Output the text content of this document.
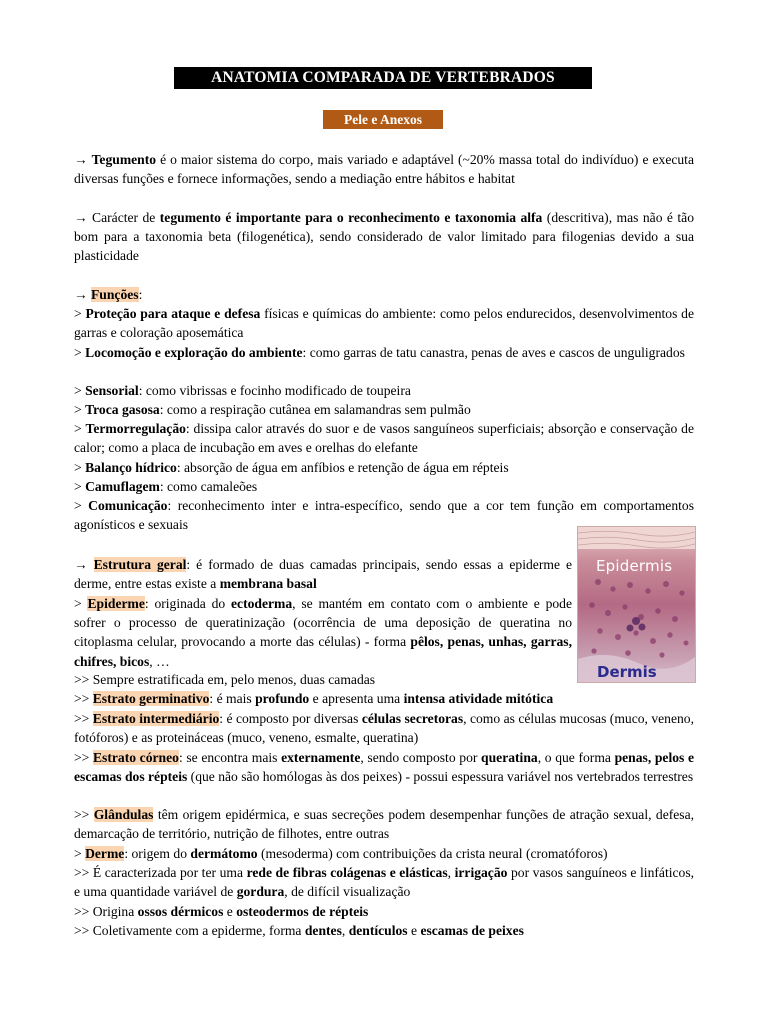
ANATOMIA COMPARADA DE VERTEBRADOS
Pele e Anexos
→ Tegumento é o maior sistema do corpo, mais variado e adaptável (~20% massa total do indivíduo) e executa diversas funções e fornece informações, sendo a mediação entre hábitos e habitat
→ Carácter de tegumento é importante para o reconhecimento e taxonomia alfa (descritiva), mas não é tão bom para a taxonomia beta (filogenética), sendo considerado de valor limitado para filogenias devido a sua plasticidade
→ Funções:
> Proteção para ataque e defesa físicas e químicas do ambiente: como pelos endurecidos, desenvolvimentos de garras e coloração aposemática
> Locomoção e exploração do ambiente: como garras de tatu canastra, penas de aves e cascos de unguligrados
> Sensorial: como vibrissas e focinho modificado de toupeira
> Troca gasosa: como a respiração cutânea em salamandras sem pulmão
> Termorregulação: dissipa calor através do suor e de vasos sanguíneos superficiais; absorção e conservação de calor; como a placa de incubação em aves e orelhas do elefante
> Balanço hídrico: absorção de água em anfíbios e retenção de água em répteis
> Camuflagem: como camaleões
> Comunicação: reconhecimento inter e intra-específico, sendo que a cor tem função em comportamentos agonísticos e sexuais
→ Estrutura geral: é formado de duas camadas principais, sendo essas a epiderme e derme, entre estas existe a membrana basal
> Epiderme: originada do ectoderma, se mantém em contato com o ambiente e pode sofrer o processo de queratinização (ocorrência de uma deposição de queratina no citoplasma celular, provocando a morte das células) - forma pêlos, penas, unhas, garras, chifres, bicos, …
>> Sempre estratificada em, pelo menos, duas camadas
>> Estrato germinativo: é mais profundo e apresenta uma intensa atividade mitótica
>> Estrato intermediário: é composto por diversas células secretoras, como as células mucosas (muco, veneno, fotóforos) e as proteináceas (muco, veneno, esmalte, queratina)
>> Estrato córneo: se encontra mais externamente, sendo composto por queratina, o que forma penas, pelos e escamas dos répteis (que não são homólogas às dos peixes) - possui espessura variável nos vertebrados terrestres
>> Glândulas têm origem epidérmica, e suas secreções podem desempenhar funções de atração sexual, defesa, demarcação de território, nutrição de filhotes, entre outras
> Derme: origem do dermátomo (mesoderma) com contribuições da crista neural (cromatóforos)
>> É caracterizada por ter uma rede de fibras colágenas e elásticas, irrigação por vasos sanguíneos e linfáticos, e uma quantidade variável de gordura, de difícil visualização
>> Origina ossos dérmicos e osteodermos de répteis
>> Coletivamente com a epiderme, forma dentes, dentículos e escamas de peixes
Epidermis
Dermis
